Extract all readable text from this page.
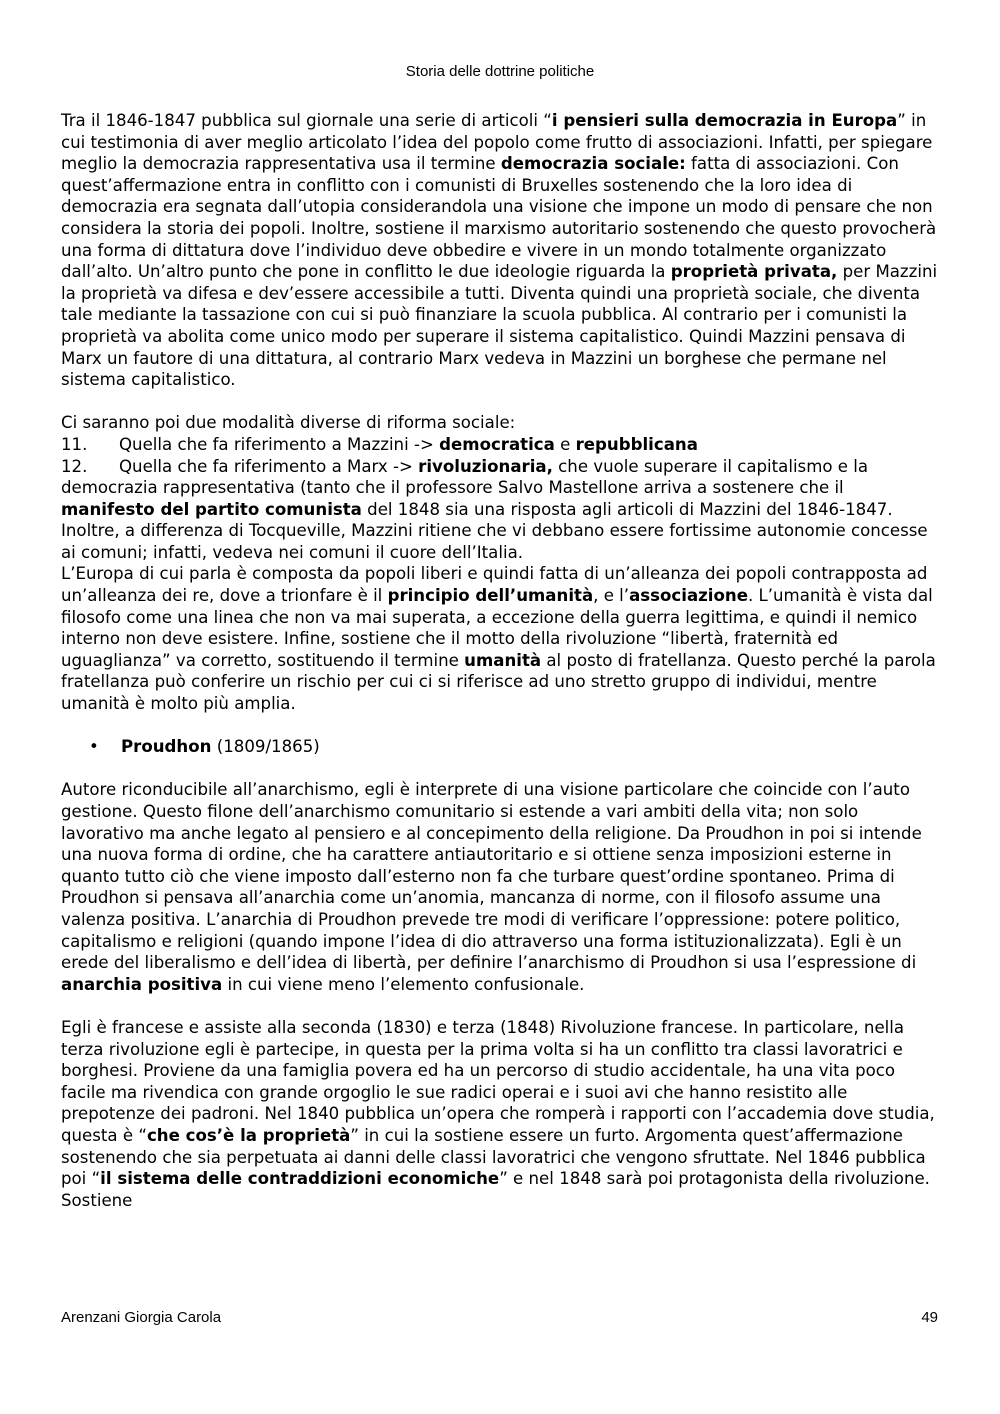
Storia delle dottrine politiche

Tra il 1846-1847 pubblica sul giornale una serie di articoli “i pensieri sulla democrazia in Europa” in cui testimonia di aver meglio articolato l’idea del popolo come frutto di associazioni. Infatti, per spiegare meglio la democrazia rappresentativa usa il termine democrazia sociale: fatta di associazioni. Con quest’affermazione entra in conflitto con i comunisti di Bruxelles sostenendo che la loro idea di democrazia era segnata dall’utopia considerandola una visione che impone un modo di pensare che non considera la storia dei popoli. Inoltre, sostiene il marxismo autoritario sostenendo che questo provocherà una forma di dittatura dove l’individuo deve obbedire e vivere in un mondo totalmente organizzato dall’alto. Un’altro punto che pone in conflitto le due ideologie riguarda la proprietà privata, per Mazzini la proprietà va difesa e dev’essere accessibile a tutti. Diventa quindi una proprietà sociale, che diventa tale mediante la tassazione con cui si può finanziare la scuola pubblica. Al contrario per i comunisti la proprietà va abolita come unico modo per superare il sistema capitalistico. Quindi Mazzini pensava di Marx un fautore di una dittatura, al contrario Marx vedeva in Mazzini un borghese che permane nel sistema capitalistico.

Ci saranno poi due modalità diverse di riforma sociale:

11. Quella che fa riferimento a Mazzini -> democratica e repubblicana

12. Quella che fa riferimento a Marx -> rivoluzionaria, che vuole superare il capitalismo e la democrazia rappresentativa (tanto che il professore Salvo Mastellone arriva a sostenere che il manifesto del partito comunista del 1848 sia una risposta agli articoli di Mazzini del 1846-1847.

Inoltre, a differenza di Tocqueville, Mazzini ritiene che vi debbano essere fortissime autonomie concesse ai comuni; infatti, vedeva nei comuni il cuore dell’Italia.

L’Europa di cui parla è composta da popoli liberi e quindi fatta di un’alleanza dei popoli contrapposta ad un’alleanza dei re, dove a trionfare è il principio dell’umanità, e l’associazione. L’umanità è vista dal filosofo come una linea che non va mai superata, a eccezione della guerra legittima, e quindi il nemico interno non deve esistere. Infine, sostiene che il motto della rivoluzione “libertà, fraternità ed uguaglianza” va corretto, sostituendo il termine umanità al posto di fratellanza. Questo perché la parola fratellanza può conferire un rischio per cui ci si riferisce ad uno stretto gruppo di individui, mentre umanità è molto più amplia.

• Proudhon (1809/1865)

Autore riconducibile all’anarchismo, egli è interprete di una visione particolare che coincide con l’auto gestione. Questo filone dell’anarchismo comunitario si estende a vari ambiti della vita; non solo lavorativo ma anche legato al pensiero e al concepimento della religione. Da Proudhon in poi si intende una nuova forma di ordine, che ha carattere antiautoritario e si ottiene senza imposizioni esterne in quanto tutto ciò che viene imposto dall’esterno non fa che turbare quest’ordine spontaneo. Prima di Proudhon si pensava all’anarchia come un’anomia, mancanza di norme, con il filosofo assume una valenza positiva. L’anarchia di Proudhon prevede tre modi di verificare l’oppressione: potere politico, capitalismo e religioni (quando impone l’idea di dio attraverso una forma istituzionalizzata). Egli è un erede del liberalismo e dell’idea di libertà, per definire l’anarchismo di Proudhon si usa l’espressione di anarchia positiva in cui viene meno l’elemento confusionale.

Egli è francese e assiste alla seconda (1830) e terza (1848) Rivoluzione francese. In particolare, nella terza rivoluzione egli è partecipe, in questa per la prima volta si ha un conflitto tra classi lavoratrici e borghesi. Proviene da una famiglia povera ed ha un percorso di studio accidentale, ha una vita poco facile ma rivendica con grande orgoglio le sue radici operai e i suoi avi che hanno resistito alle prepotenze dei padroni. Nel 1840 pubblica un’opera che romperà i rapporti con l’accademia dove studia, questa è “che cos’è la proprietà” in cui la sostiene essere un furto. Argomenta quest’affermazione sostenendo che sia perpetuata ai danni delle classi lavoratrici che vengono sfruttate. Nel 1846 pubblica poi “il sistema delle contraddizioni economiche” e nel 1848 sarà poi protagonista della rivoluzione. Sostiene

Arenzani Giorgia Carola	49
